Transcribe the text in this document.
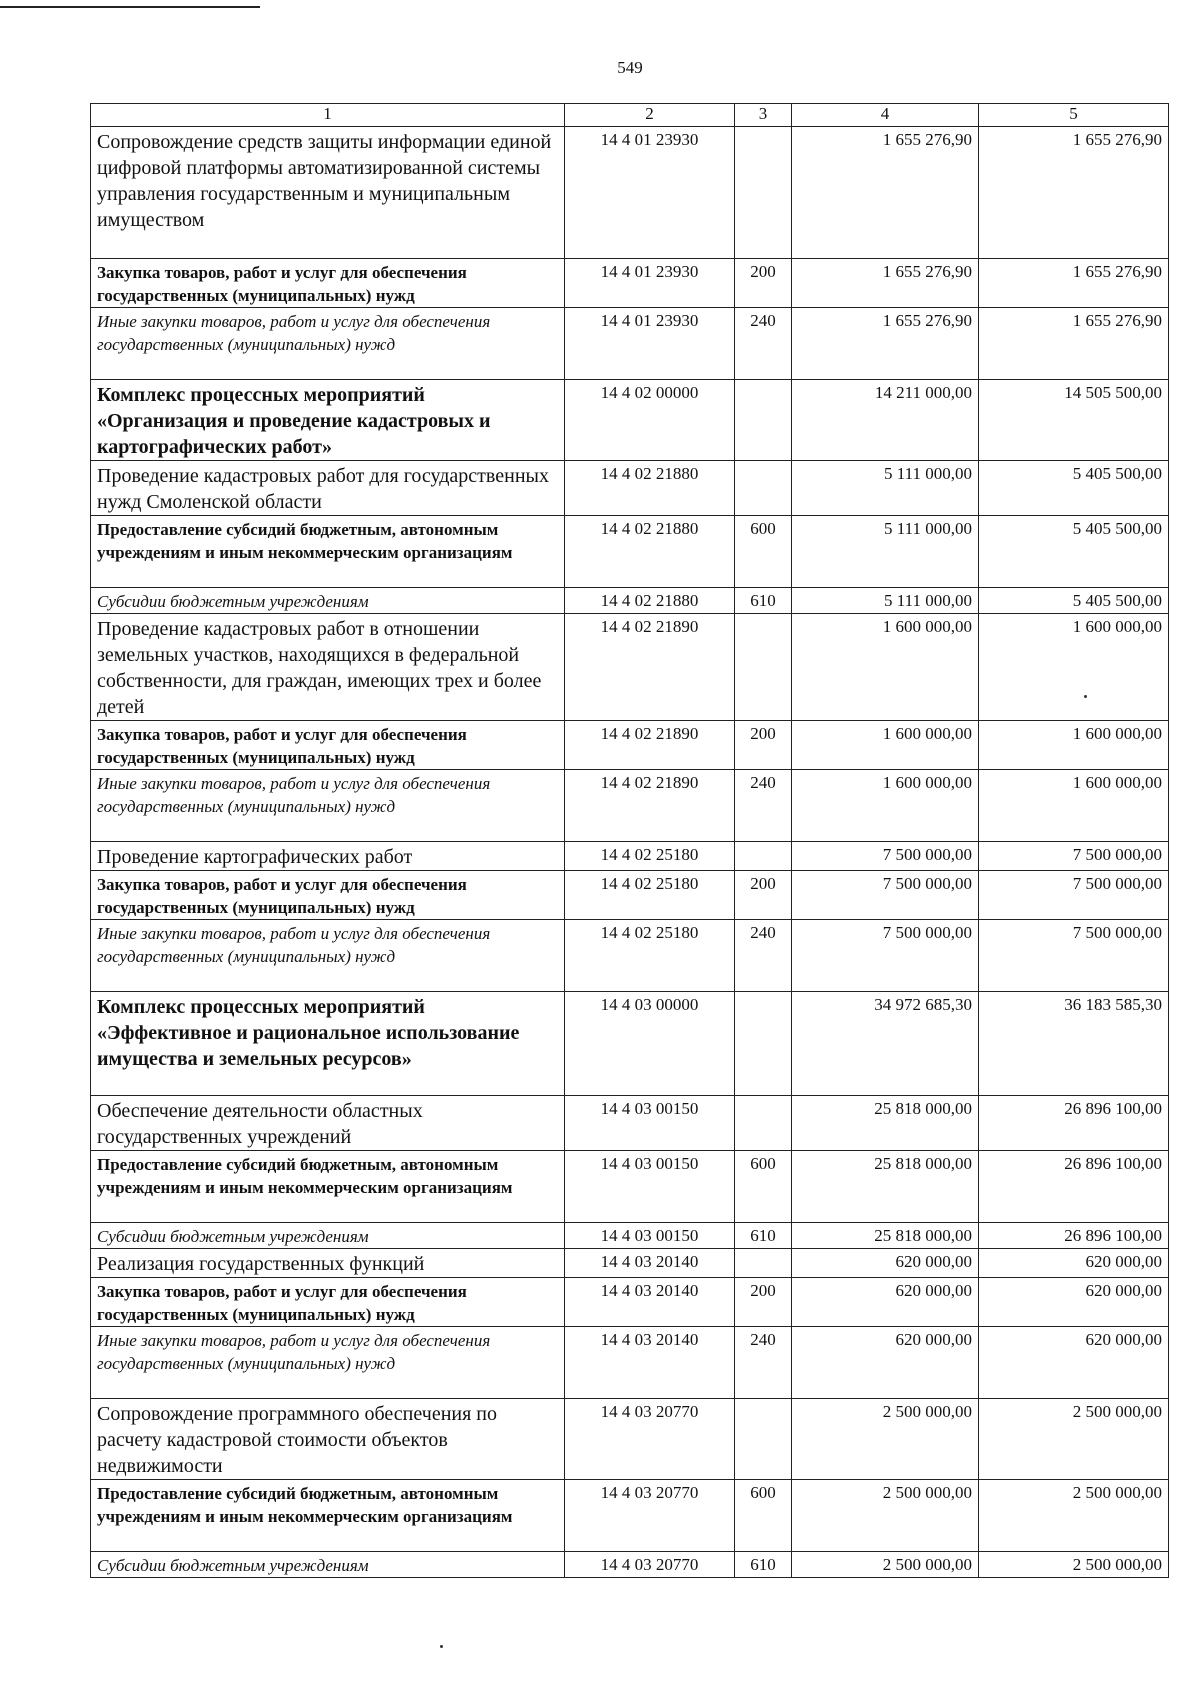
549
1	2	3	4	5
Сопровождение средств защиты информации единой цифровой платформы автоматизированной системы управления государственным и муниципальным имуществом	14 4 01 23930		1 655 276,90	1 655 276,90
Закупка товаров, работ и услуг для обеспечения государственных (муниципальных) нужд	14 4 01 23930	200	1 655 276,90	1 655 276,90
Иные закупки товаров, работ и услуг для обеспечения государственных (муниципальных) нужд	14 4 01 23930	240	1 655 276,90	1 655 276,90
Комплекс процессных мероприятий «Организация и проведение кадастровых и картографических работ»	14 4 02 00000		14 211 000,00	14 505 500,00
Проведение кадастровых работ для государственных нужд Смоленской области	14 4 02 21880		5 111 000,00	5 405 500,00
Предоставление субсидий бюджетным, автономным учреждениям и иным некоммерческим организациям	14 4 02 21880	600	5 111 000,00	5 405 500,00
Субсидии бюджетным учреждениям	14 4 02 21880	610	5 111 000,00	5 405 500,00
Проведение кадастровых работ в отношении земельных участков, находящихся в федеральной собственности, для граждан, имеющих трех и более детей	14 4 02 21890		1 600 000,00	1 600 000,00
Закупка товаров, работ и услуг для обеспечения государственных (муниципальных) нужд	14 4 02 21890	200	1 600 000,00	1 600 000,00
Иные закупки товаров, работ и услуг для обеспечения государственных (муниципальных) нужд	14 4 02 21890	240	1 600 000,00	1 600 000,00
Проведение картографических работ	14 4 02 25180		7 500 000,00	7 500 000,00
Закупка товаров, работ и услуг для обеспечения государственных (муниципальных) нужд	14 4 02 25180	200	7 500 000,00	7 500 000,00
Иные закупки товаров, работ и услуг для обеспечения государственных (муниципальных) нужд	14 4 02 25180	240	7 500 000,00	7 500 000,00
Комплекс процессных мероприятий «Эффективное и рациональное использование имущества и земельных ресурсов»	14 4 03 00000		34 972 685,30	36 183 585,30
Обеспечение деятельности областных государственных учреждений	14 4 03 00150		25 818 000,00	26 896 100,00
Предоставление субсидий бюджетным, автономным учреждениям и иным некоммерческим организациям	14 4 03 00150	600	25 818 000,00	26 896 100,00
Субсидии бюджетным учреждениям	14 4 03 00150	610	25 818 000,00	26 896 100,00
Реализация государственных функций	14 4 03 20140		620 000,00	620 000,00
Закупка товаров, работ и услуг для обеспечения государственных (муниципальных) нужд	14 4 03 20140	200	620 000,00	620 000,00
Иные закупки товаров, работ и услуг для обеспечения государственных (муниципальных) нужд	14 4 03 20140	240	620 000,00	620 000,00
Сопровождение программного обеспечения по расчету кадастровой стоимости объектов недвижимости	14 4 03 20770		2 500 000,00	2 500 000,00
Предоставление субсидий бюджетным, автономным учреждениям и иным некоммерческим организациям	14 4 03 20770	600	2 500 000,00	2 500 000,00
Субсидии бюджетным учреждениям	14 4 03 20770	610	2 500 000,00	2 500 000,00
